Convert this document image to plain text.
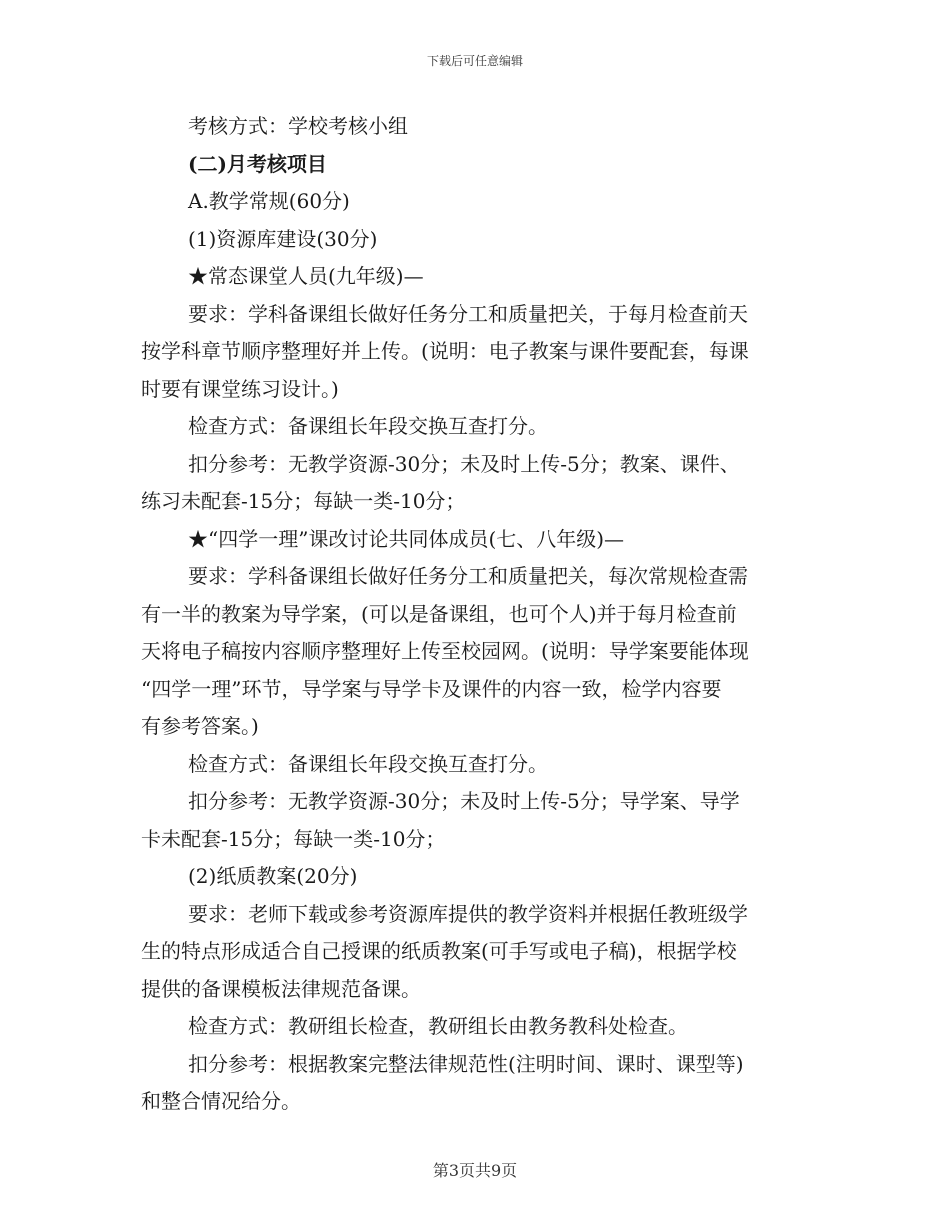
下载后可任意编辑

考核方式：学校考核小组

(二)月考核项目

A.教学常规(60分)

(1)资源库建设(30分)

★常态课堂人员(九年级)—

要求：学科备课组长做好任务分工和质量把关，于每月检查前天

按学科章节顺序整理好并上传。(说明：电子教案与课件要配套，每课

时要有课堂练习设计。)

检查方式：备课组长年段交换互查打分。

扣分参考：无教学资源-30分；未及时上传-5分；教案、课件、

练习未配套-15分；每缺一类-10分；

★“四学一理”课改讨论共同体成员(七、八年级)—

要求：学科备课组长做好任务分工和质量把关，每次常规检查需

有一半的教案为导学案，(可以是备课组，也可个人)并于每月检查前

天将电子稿按内容顺序整理好上传至校园网。(说明：导学案要能体现

“四学一理”环节，导学案与导学卡及课件的内容一致，检学内容要

有参考答案。)

检查方式：备课组长年段交换互查打分。

扣分参考：无教学资源-30分；未及时上传-5分；导学案、导学

卡未配套-15分；每缺一类-10分；

(2)纸质教案(20分)

要求：老师下载或参考资源库提供的教学资料并根据任教班级学

生的特点形成适合自己授课的纸质教案(可手写或电子稿)，根据学校

提供的备课模板法律规范备课。

检查方式：教研组长检查，教研组长由教务教科处检查。

扣分参考：根据教案完整法律规范性(注明时间、课时、课型等)

和整合情况给分。

第3页共9页
